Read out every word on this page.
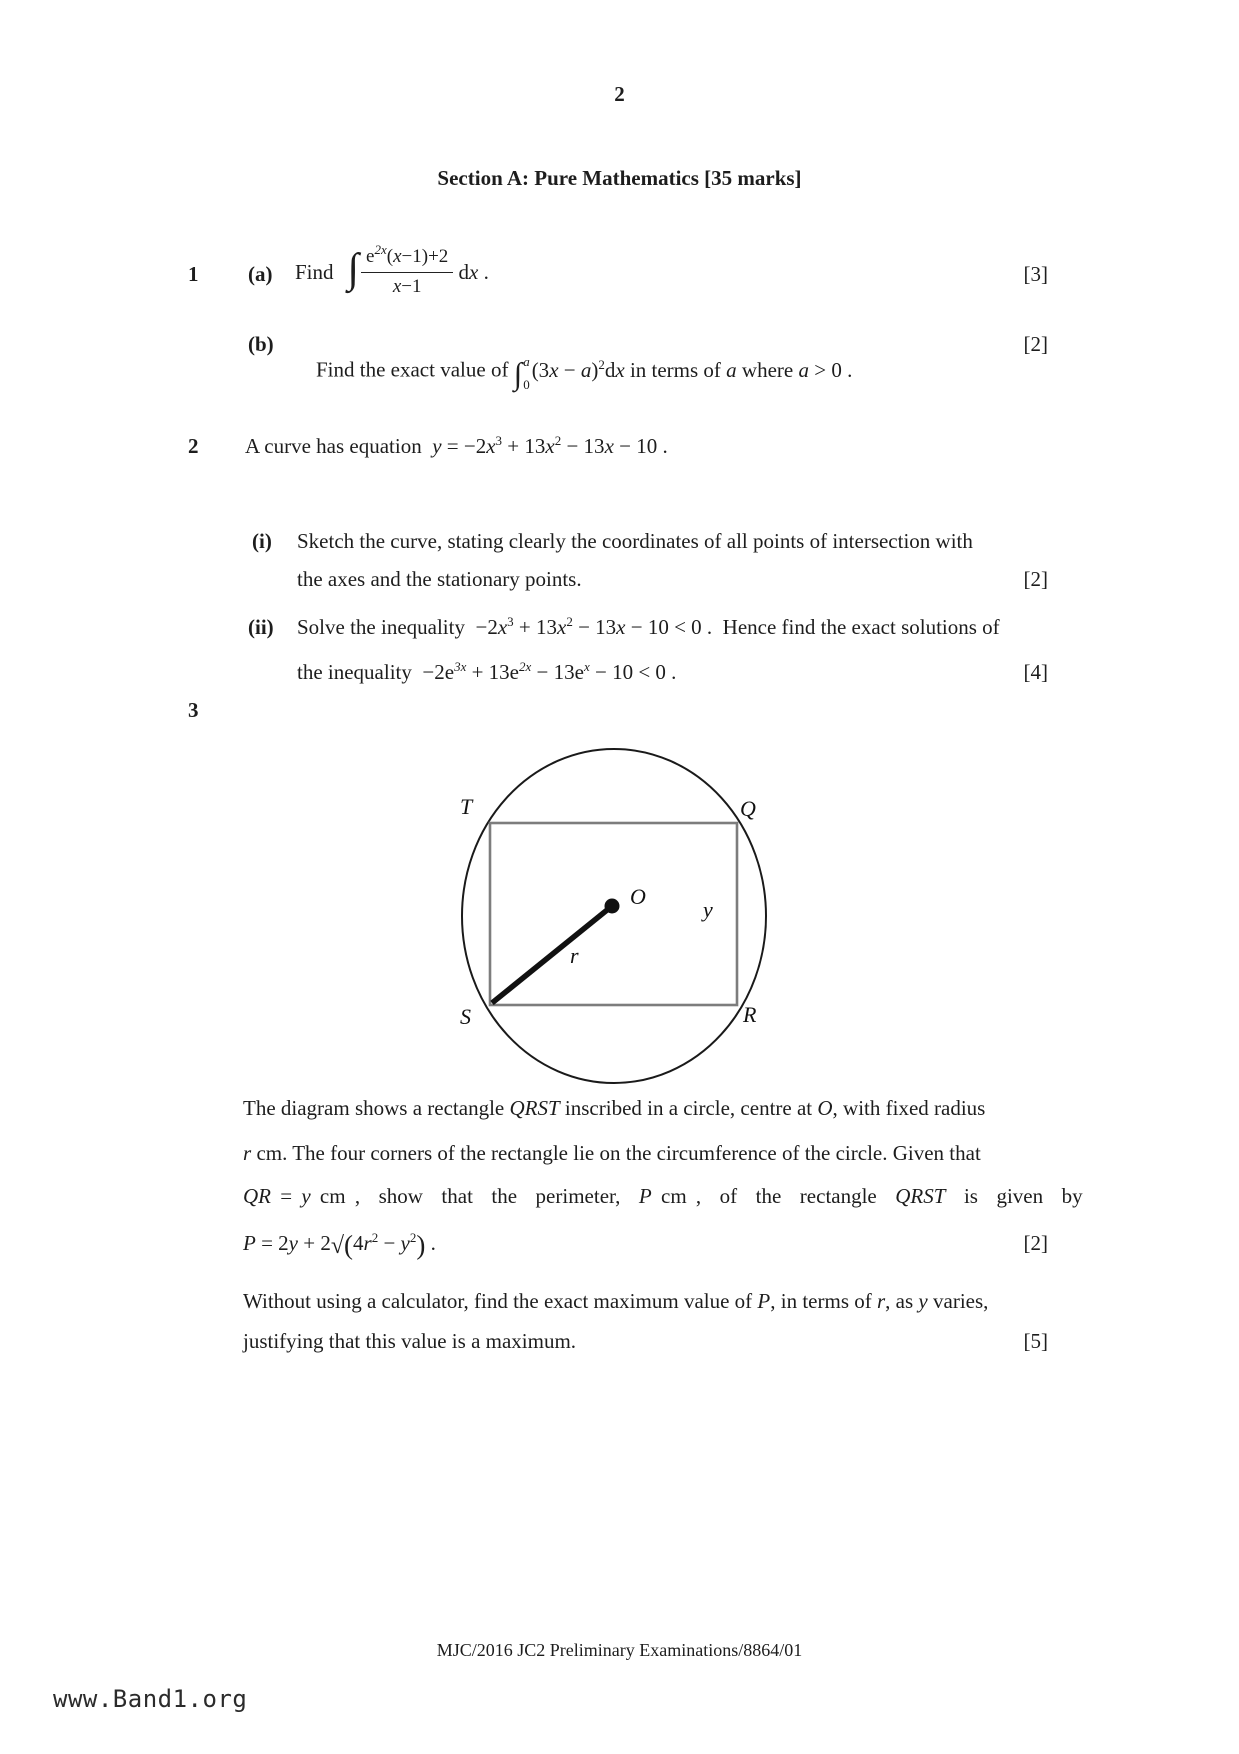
2
Section A: Pure Mathematics [35 marks]
1 (a) Find ∫ $\frac{e^{2x}(x-1)+2}{x-1}$ dx .	[3]
(b)

Find the exact value of ∫ a
0
$(3x - a)^2dx$ in terms of a where a > 0 .

[2]
2 A curve has equation  $y = -2x^3 + 13x^2 - 13x - 10$ .
(i) Sketch the curve, stating clearly the coordinates of all points of intersection with
the axes and the stationary points.	[2]
(ii) Solve the inequality  $-2x^3 + 13x^2 - 13x - 10 < 0$ .  Hence find the exact solutions of
the inequality  $-2e^{3x} + 13e^{2x} - 13e^x - 10 < 0$ .	[4]
3
T	Q
S	R
O
y
r
The diagram shows a rectangle QRST inscribed in a circle, centre at O, with fixed radius
r cm. The four corners of the rectangle lie on the circumference of the circle. Given that
QR = y cm ,  show  that  the  perimeter,  P cm ,  of  the  rectangle  QRST  is  given  by
$P = 2y + 2√(4r^2 - y^2)$ .	[2]
Without using a calculator, find the exact maximum value of P, in terms of r, as y varies,
justifying that this value is a maximum.	[5]
MJC/2016 JC2 Preliminary Examinations/8864/01
www.Band1.org
